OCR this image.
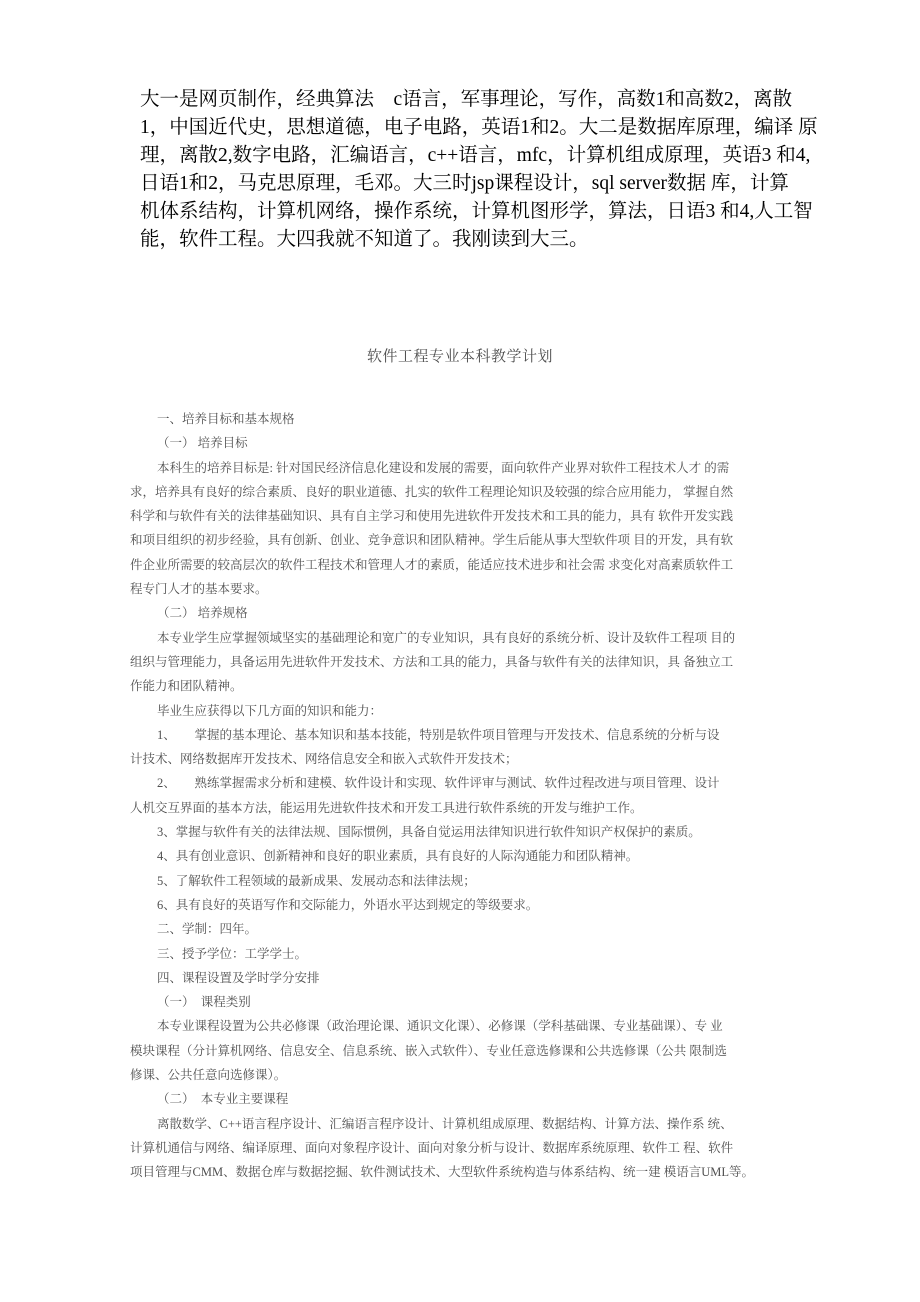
大一是网页制作，经典算法　c语言，军事理论，写作，高数1和高数2，离散
1，中国近代史，思想道德，电子电路，英语1和2。大二是数据库原理，编译 原
理，离散2,数字电路，汇编语言，c++语言，mfc，计算机组成原理，英语3 和4,
日语1和2，马克思原理，毛邓。大三时jsp课程设计，sql server数据 库，计算
机体系结构，计算机网络，操作系统，计算机图形学，算法，日语3 和4,人工智
能，软件工程。大四我就不知道了。我刚读到大三。
软件工程专业本科教学计划
一、培养目标和基本规格
（一） 培养目标
本科生的培养目标是: 针对国民经济信息化建设和发展的需要，面向软件产业界对软件工程技术人才 的需
求，培养具有良好的综合素质、良好的职业道德、扎实的软件工程理论知识及较强的综合应用能力， 掌握自然
科学和与软件有关的法律基础知识、具有自主学习和使用先进软件开发技术和工具的能力，具有 软件开发实践
和项目组织的初步经验，具有创新、创业、竞争意识和团队精神。学生后能从事大型软件项 目的开发，具有软
件企业所需要的较高层次的软件工程技术和管理人才的素质，能适应技术进步和社会需 求变化对高素质软件工
程专门人才的基本要求。
（二） 培养规格
本专业学生应掌握领域坚实的基础理论和宽广的专业知识，具有良好的系统分析、设计及软件工程项 目的
组织与管理能力，具备运用先进软件开发技术、方法和工具的能力，具备与软件有关的法律知识，具 备独立工
作能力和团队精神。
毕业生应获得以下几方面的知识和能力：
1、　　掌握的基本理论、基本知识和基本技能，特别是软件项目管理与开发技术、信息系统的分析与设
计技术、网络数据库开发技术、网络信息安全和嵌入式软件开发技术；
2、　　熟练掌握需求分析和建模、软件设计和实现、软件评审与测试、软件过程改进与项目管理、设计
人机交互界面的基本方法，能运用先进软件技术和开发工具进行软件系统的开发与维护工作。
3、掌握与软件有关的法律法规、国际惯例，具备自觉运用法律知识进行软件知识产权保护的素质。
4、具有创业意识、创新精神和良好的职业素质，具有良好的人际沟通能力和团队精神。
5、了解软件工程领域的最新成果、发展动态和法律法规；
6、具有良好的英语写作和交际能力，外语水平达到规定的等级要求。
二、学制：四年。
三、授予学位：工学学士。
四、课程设置及学时学分安排
（一）　课程类别
本专业课程设置为公共必修课（政治理论课、通识文化课）、必修课（学科基础课、专业基础课）、专 业
模块课程（分计算机网络、信息安全、信息系统、嵌入式软件）、专业任意选修课和公共选修课（公共 限制选
修课、公共任意向选修课）。
（二）　本专业主要课程
离散数学、C++语言程序设计、汇编语言程序设计、计算机组成原理、数据结构、计算方法、操作系 统、
计算机通信与网络、编译原理、面向对象程序设计、面向对象分析与设计、数据库系统原理、软件工 程、软件
项目管理与CMM、数据仓库与数据挖掘、软件测试技术、大型软件系统构造与体系结构、统一建 模语言UML等。
